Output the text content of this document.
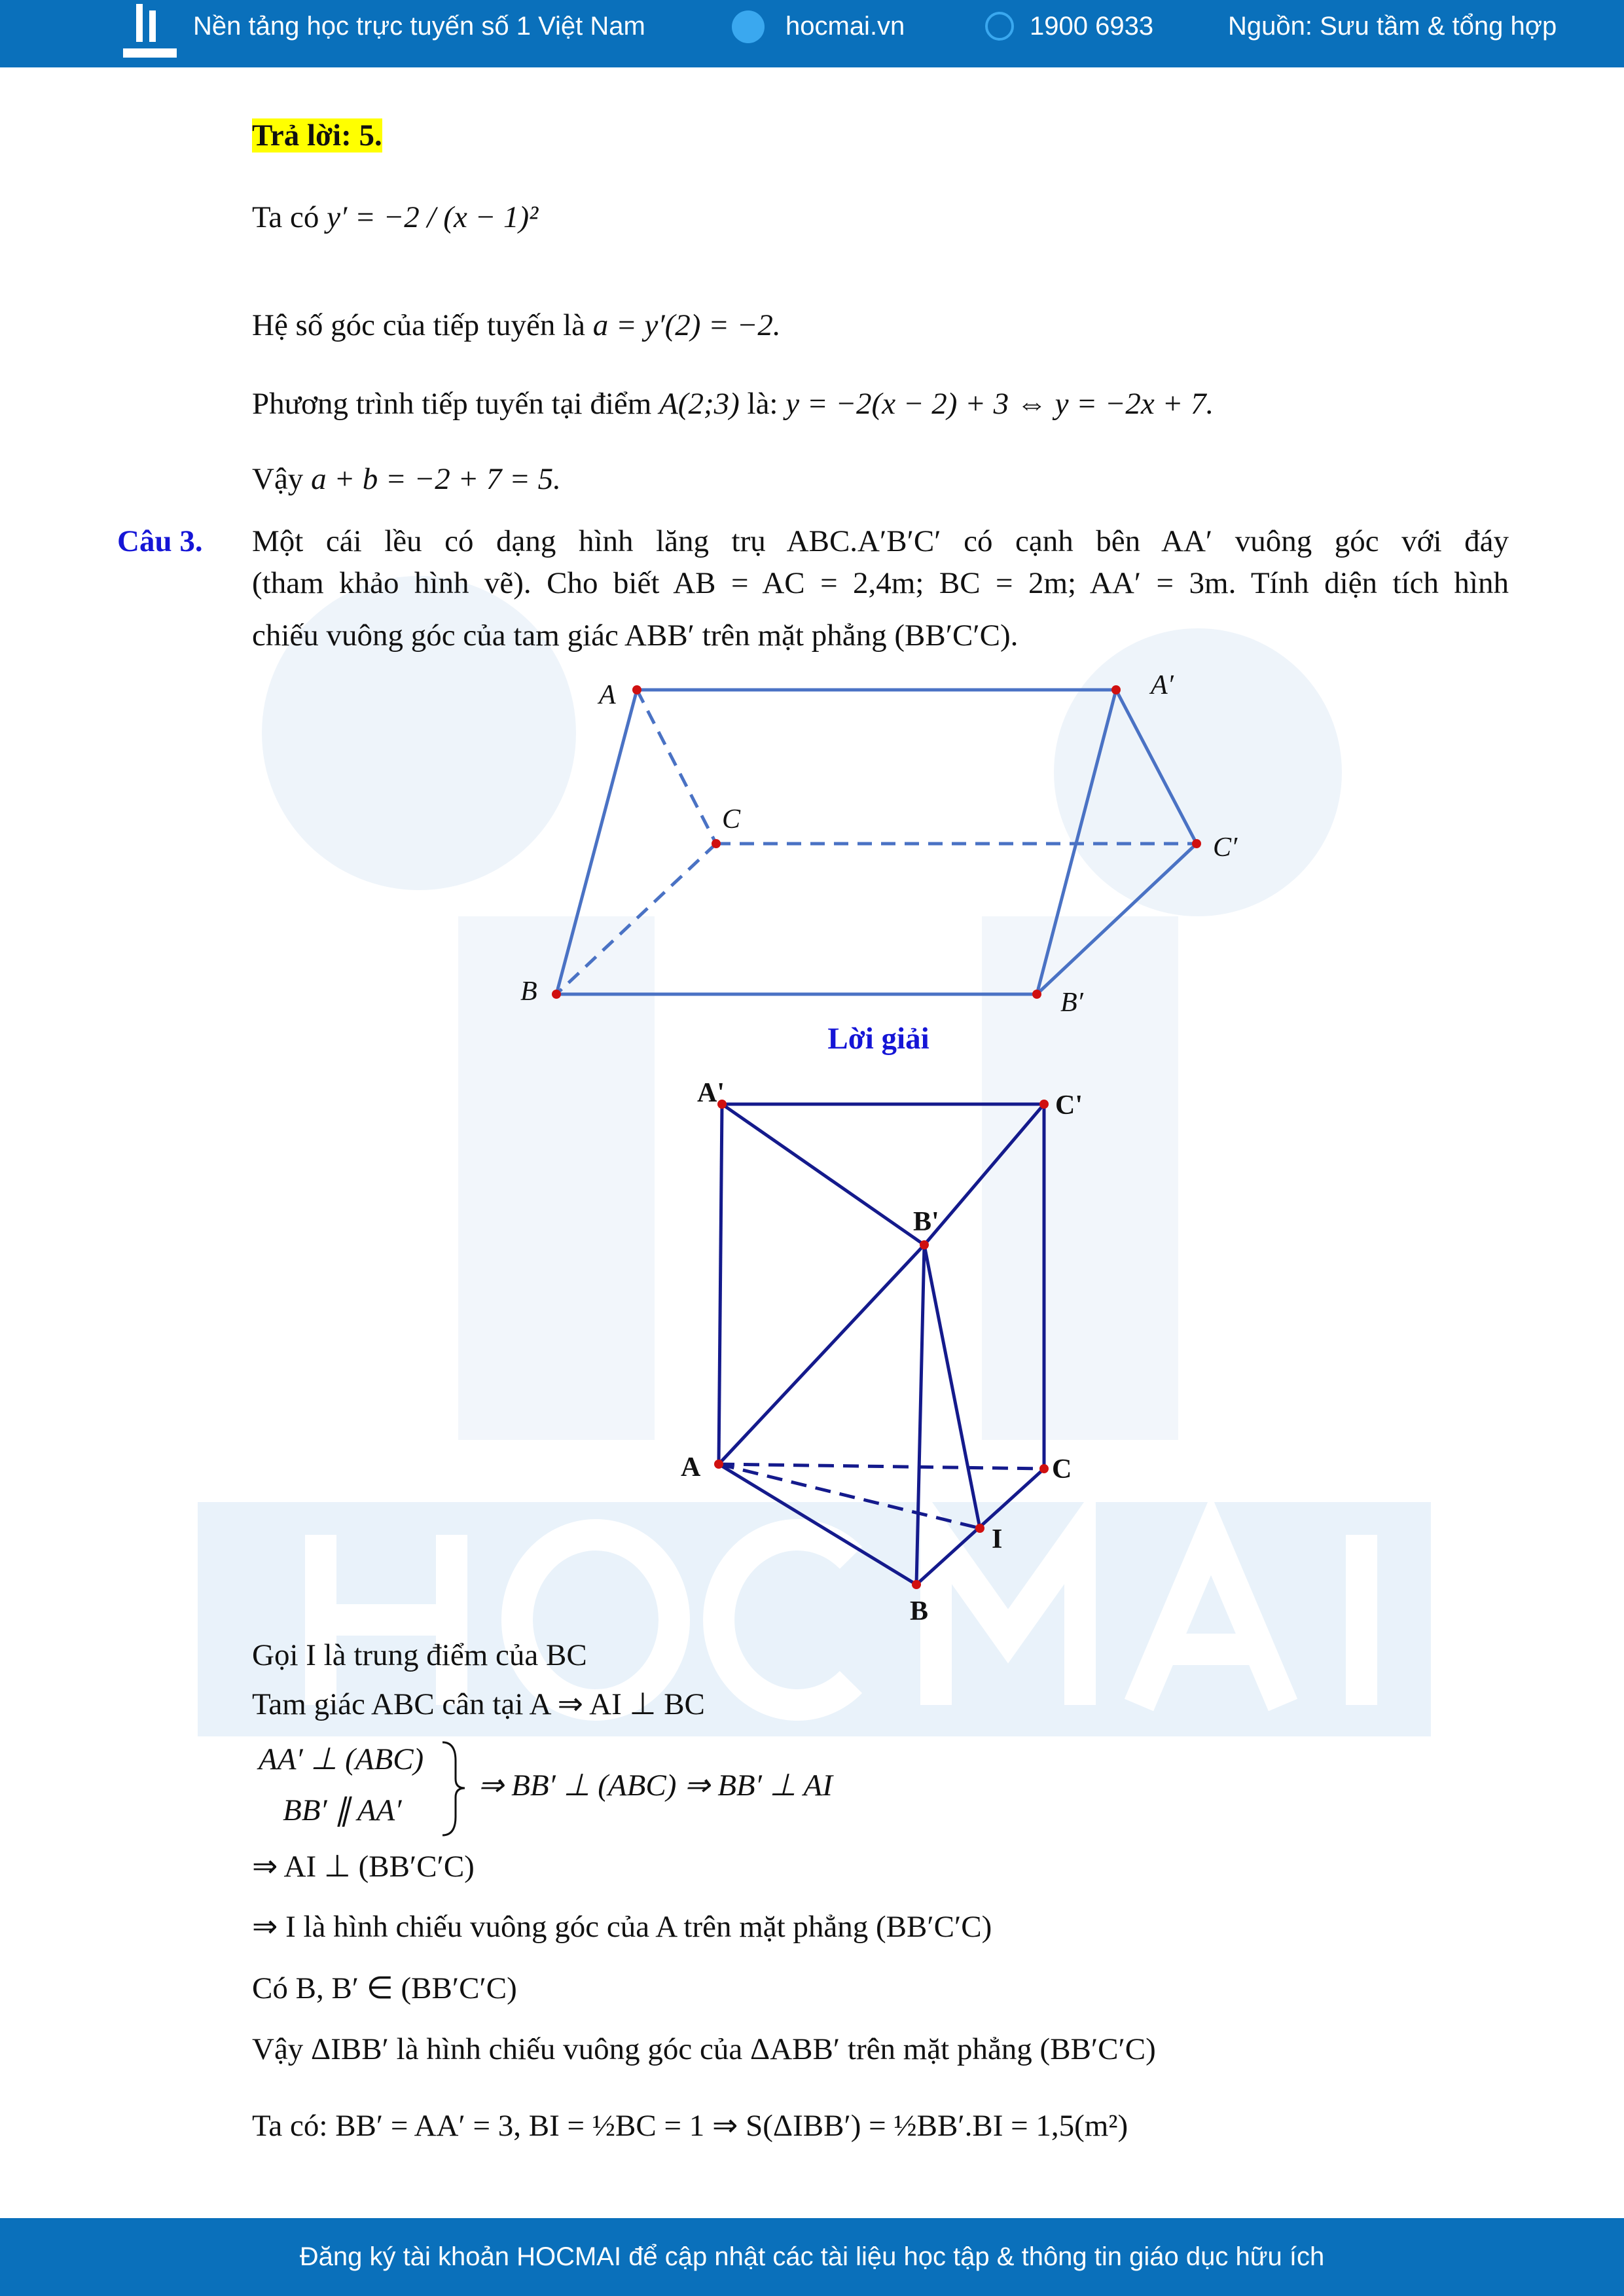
Nền tảng học trực tuyến số 1 Việt Nam	hocmai.vn	1900 6933	Nguồn: Sưu tầm & tổng hợp
Trả lời: 5.
Ta có y′ = −2 / (x − 1)²
Hệ số góc của tiếp tuyến là a = y′(2) = −2.
Phương trình tiếp tuyến tại điểm A(2;3) là: y = −2(x − 2) + 3 ⇔ y = −2x + 7.
Vậy a + b = −2 + 7 = 5.
Câu 3. Một cái lều có dạng hình lăng trụ ABC.A′B′C′ có cạnh bên AA′ vuông góc với đáy
(tham khảo hình vẽ). Cho biết AB = AC = 2,4m; BC = 2m; AA′ = 3m. Tính diện tích hình
chiếu vuông góc của tam giác ABB′ trên mặt phẳng (BB′C′C).
A	A′
C
C′
B	B′
Lời giải
A'	C'
B'
A	C
I
B
Gọi I là trung điểm của BC
Tam giác ABC cân tại A ⇒ AI ⊥ BC
AA′ ⊥ (ABC)
BB′ ∥ AA′
⇒ BB′ ⊥ (ABC) ⇒ BB′ ⊥ AI
⇒ AI ⊥ (BB′C′C)
⇒ I là hình chiếu vuông góc của A trên mặt phẳng (BB′C′C)
Có B, B′ ∈ (BB′C′C)
Vậy ΔIBB′ là hình chiếu vuông góc của ΔABB′ trên mặt phẳng (BB′C′C)
Ta có: BB′ = AA′ = 3, BI = ½BC = 1 ⇒ S(ΔIBB′) = ½BB′.BI = 1,5(m²)
Đăng ký tài khoản HOCMAI để cập nhật các tài liệu học tập & thông tin giáo dục hữu ích
